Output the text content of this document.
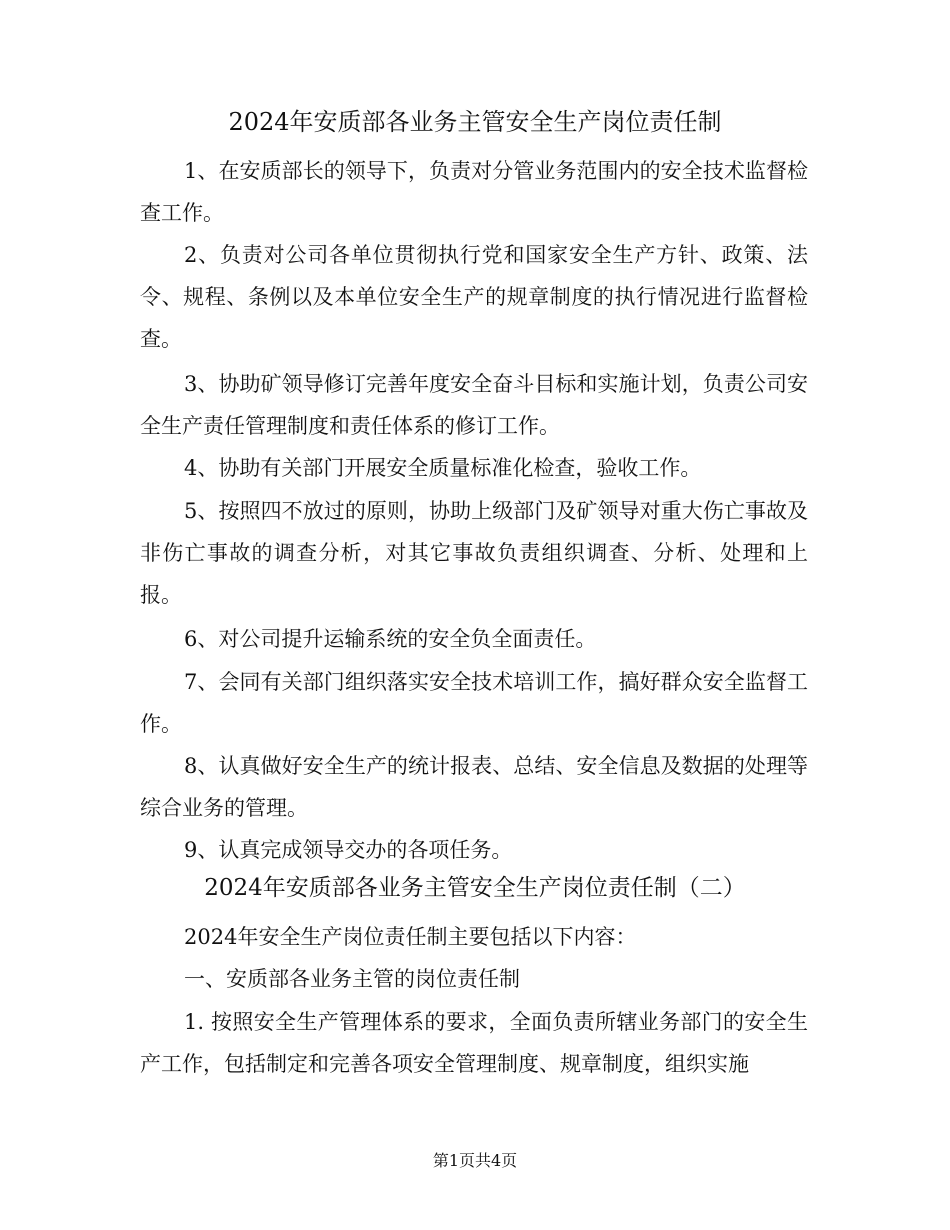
2024年安质部各业务主管安全生产岗位责任制

1、在安质部长的领导下，负责对分管业务范围内的安全技术监督检查工作。

2、负责对公司各单位贯彻执行党和国家安全生产方针、政策、法令、规程、条例以及本单位安全生产的规章制度的执行情况进行监督检查。

3、协助矿领导修订完善年度安全奋斗目标和实施计划，负责公司安全生产责任管理制度和责任体系的修订工作。

4、协助有关部门开展安全质量标准化检查，验收工作。

5、按照四不放过的原则，协助上级部门及矿领导对重大伤亡事故及非伤亡事故的调查分析，对其它事故负责组织调查、分析、处理和上报。

6、对公司提升运输系统的安全负全面责任。

7、会同有关部门组织落实安全技术培训工作，搞好群众安全监督工作。

8、认真做好安全生产的统计报表、总结、安全信息及数据的处理等综合业务的管理。

9、认真完成领导交办的各项任务。

2024年安质部各业务主管安全生产岗位责任制（二）

2024年安全生产岗位责任制主要包括以下内容：

一、安质部各业务主管的岗位责任制

1. 按照安全生产管理体系的要求，全面负责所辖业务部门的安全生产工作，包括制定和完善各项安全管理制度、规章制度，组织实施

第1页共4页
